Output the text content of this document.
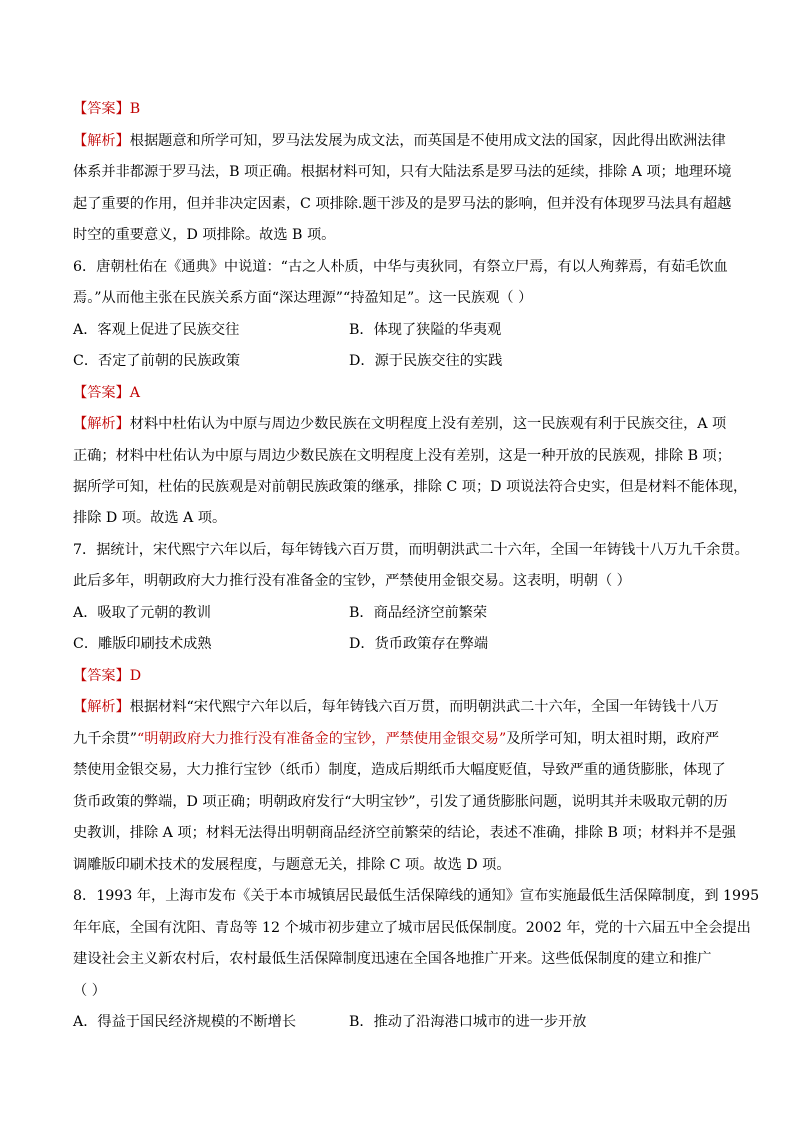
【答案】B
【解析】根据题意和所学可知，罗马法发展为成文法，而英国是不使用成文法的国家，因此得出欧洲法律
体系并非都源于罗马法，B 项正确。根据材料可知，只有大陆法系是罗马法的延续，排除 A 项；地理环境
起了重要的作用，但并非决定因素，C 项排除.题干涉及的是罗马法的影响，但并没有体现罗马法具有超越
时空的重要意义，D 项排除。故选 B 项。
6．唐朝杜佑在《通典》中说道：“古之人朴质，中华与夷狄同，有祭立尸焉，有以人殉葬焉，有茹毛饮血
焉。”从而他主张在民族关系方面“深达理源”“持盈知足”。这一民族观（ ）
A．客观上促进了民族交往	B．体现了狭隘的华夷观
C．否定了前朝的民族政策	D．源于民族交往的实践
【答案】A
【解析】材料中杜佑认为中原与周边少数民族在文明程度上没有差别，这一民族观有利于民族交往，A 项
正确；材料中杜佑认为中原与周边少数民族在文明程度上没有差别，这是一种开放的民族观，排除 B 项；
据所学可知，杜佑的民族观是对前朝民族政策的继承，排除 C 项；D 项说法符合史实，但是材料不能体现，
排除 D 项。故选 A 项。
7．据统计，宋代熙宁六年以后，每年铸钱六百万贯，而明朝洪武二十六年，全国一年铸钱十八万九千余贯。
此后多年，明朝政府大力推行没有准备金的宝钞，严禁使用金银交易。这表明，明朝（ ）
A．吸取了元朝的教训	B．商品经济空前繁荣
C．雕版印刷技术成熟	D．货币政策存在弊端
【答案】D
【解析】根据材料“宋代熙宁六年以后，每年铸钱六百万贯，而明朝洪武二十六年，全国一年铸钱十八万
九千余贯”“明朝政府大力推行没有准备金的宝钞，严禁使用金银交易”及所学可知，明太祖时期，政府严
禁使用金银交易，大力推行宝钞（纸币）制度，造成后期纸币大幅度贬值，导致严重的通货膨胀，体现了
货币政策的弊端，D 项正确；明朝政府发行“大明宝钞”，引发了通货膨胀问题，说明其并未吸取元朝的历
史教训，排除 A 项；材料无法得出明朝商品经济空前繁荣的结论，表述不准确，排除 B 项；材料并不是强
调雕版印刷术技术的发展程度，与题意无关，排除 C 项。故选 D 项。
8．1993 年，上海市发布《关于本市城镇居民最低生活保障线的通知》宣布实施最低生活保障制度，到 1995
年年底，全国有沈阳、青岛等 12 个城市初步建立了城市居民低保制度。2002 年，党的十六届五中全会提出
建设社会主义新农村后，农村最低生活保障制度迅速在全国各地推广开来。这些低保制度的建立和推广
（ ）
A．得益于国民经济规模的不断增长	B．推动了沿海港口城市的进一步开放
